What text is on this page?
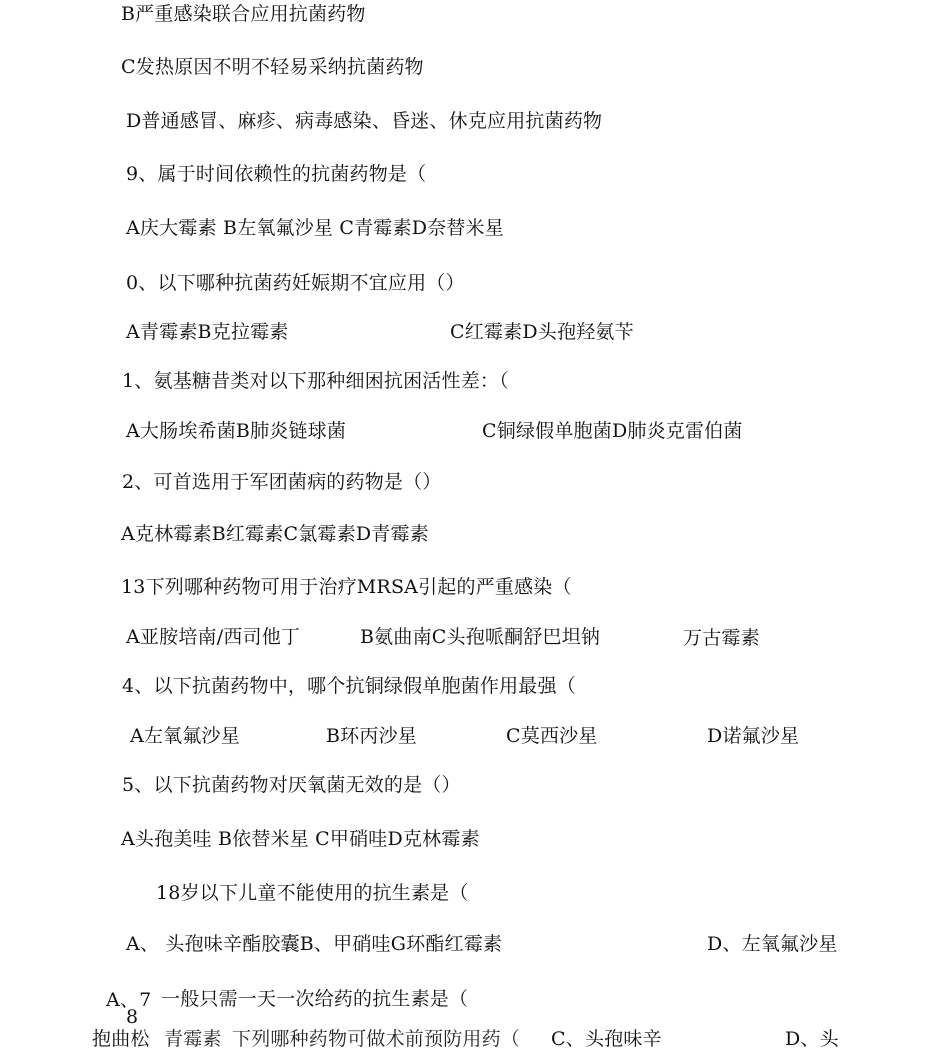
B严重感染联合应用抗菌药物
C发热原因不明不轻易采纳抗菌药物
D普通感冒、麻疹、病毒感染、昏迷、休克应用抗菌药物
9、属于时间依赖性的抗菌药物是（
A庆大霉素 B左氧氟沙星 C青霉素D奈替米星
0、以下哪种抗菌药妊娠期不宜应用（）
A青霉素B克拉霉素	C红霉素D头孢羟氨苄
1、氨基糖昔类对以下那种细困抗困活性差：（
A大肠埃希菌B肺炎链球菌	C铜绿假单胞菌D肺炎克雷伯菌
2、可首选用于军团菌病的药物是（）
A克林霉素B红霉素C氯霉素D青霉素
13下列哪种药物可用于治疗MRSA引起的严重感染（
A亚胺培南/西司他丁	B氨曲南C头孢哌酮舒巴坦钠	万古霉素
4、以下抗菌药物中，哪个抗铜绿假单胞菌作用最强（
A左氧氟沙星	B环丙沙星	C莫西沙星	D诺氟沙星
5、以下抗菌药物对厌氧菌无效的是（）
A头孢美哇 B依替米星 C甲硝哇D克林霉素
18岁以下儿童不能使用的抗生素是（
A、 头孢味辛酯胶囊B、甲硝哇G环酯红霉素	D、左氧氟沙星
A、7
8
一般只需一天一次给药的抗生素是（
抱曲松 青霉素 下列哪种药物可做术前预防用药（ C、头孢味辛	D、头
